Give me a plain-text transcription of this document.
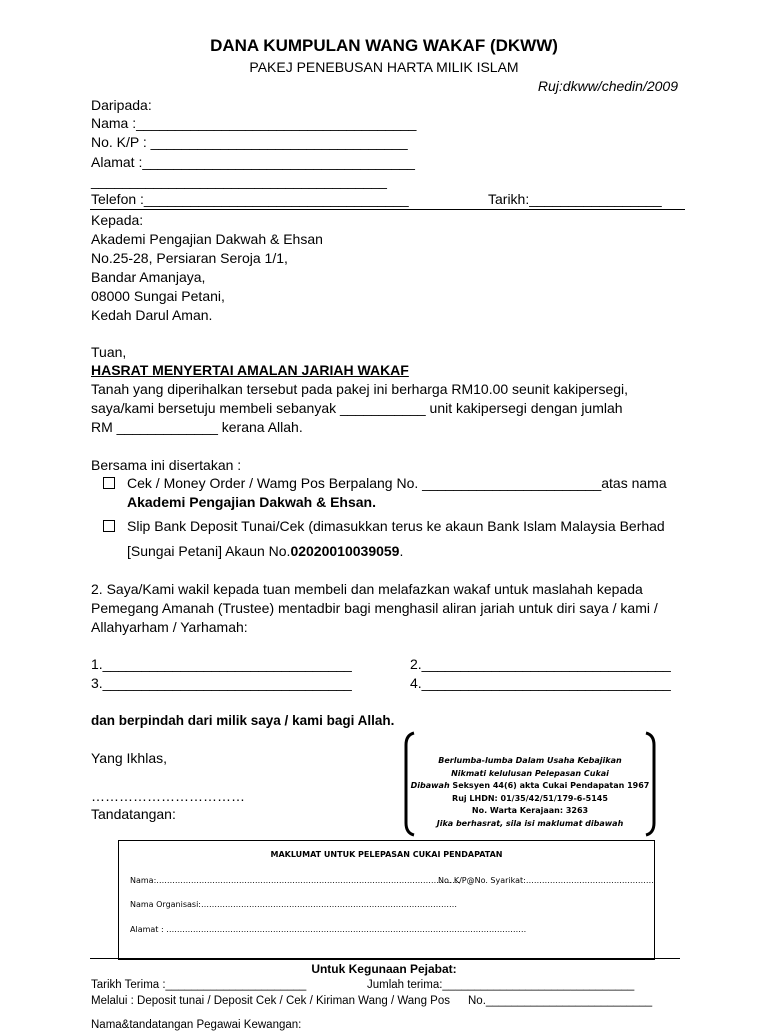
DANA KUMPULAN WANG WAKAF (DKWW)
PAKEJ PENEBUSAN HARTA MILIK ISLAM
Ruj:dkww/chedin/2009
Daripada:
Nama :____________________________________
No. K/P : _________________________________
Alamat :___________________________________
______________________________________
Telefon :__________________________________	Tarikh:_________________
Kepada:
Akademi Pengajian Dakwah & Ehsan
No.25-28, Persiaran Seroja 1/1,
Bandar Amanjaya,
08000 Sungai Petani,
Kedah Darul Aman.
Tuan,
HASRAT MENYERTAI AMALAN JARIAH WAKAF
Tanah yang diperihalkan tersebut pada pakej ini berharga RM10.00 seunit kakipersegi,
saya/kami bersetuju membeli sebanyak ___________ unit kakipersegi dengan jumlah
RM _____________ kerana Allah.
Bersama ini disertakan :
Cek / Money Order / Wamg Pos Berpalang No. _______________________atas nama
Akademi Pengajian Dakwah & Ehsan.
Slip Bank Deposit Tunai/Cek (dimasukkan terus ke akaun Bank Islam Malaysia Berhad
[Sungai Petani] Akaun No.02020010039059.
2. Saya/Kami wakil kepada tuan membeli dan melafazkan wakaf untuk maslahah kepada
Pemegang Amanah (Trustee) mentadbir bagi menghasil aliran jariah untuk diri saya / kami /
Allahyarham / Yarhamah:
1.________________________________	2.________________________________
3.________________________________	4.________________________________
dan berpindah dari milik saya / kami bagi Allah.
Yang Ikhlas,
……………………………
Tandatangan:
Berlumba-lumba Dalam Usaha Kebajikan
Nikmati kelulusan Pelepasan Cukai
Dibawah Seksyen 44(6) akta Cukai Pendapatan 1967
Ruj LHDN: 01/35/42/51/179-6-5145
No. Warta Kerajaan: 3263
Jika berhasrat, sila isi maklumat dibawah
MAKLUMAT UNTUK PELEPASAN CUKAI PENDAPATAN
Nama:……………………………………………………………………………………………………
No. K/P@No. Syarikat:…………………………………………
Nama Organisasi:……………………………………………………………………………………
Alamat : ………………………………………………………………………………………………………………………
Untuk Kegunaan Pejabat:
Tarikh Terima :______________________	Jumlah terima:______________________________
Melalui : Deposit tunai / Deposit Cek / Cek / Kiriman Wang / Wang Pos No.__________________________
Nama&tandatangan Pegawai Kewangan:
